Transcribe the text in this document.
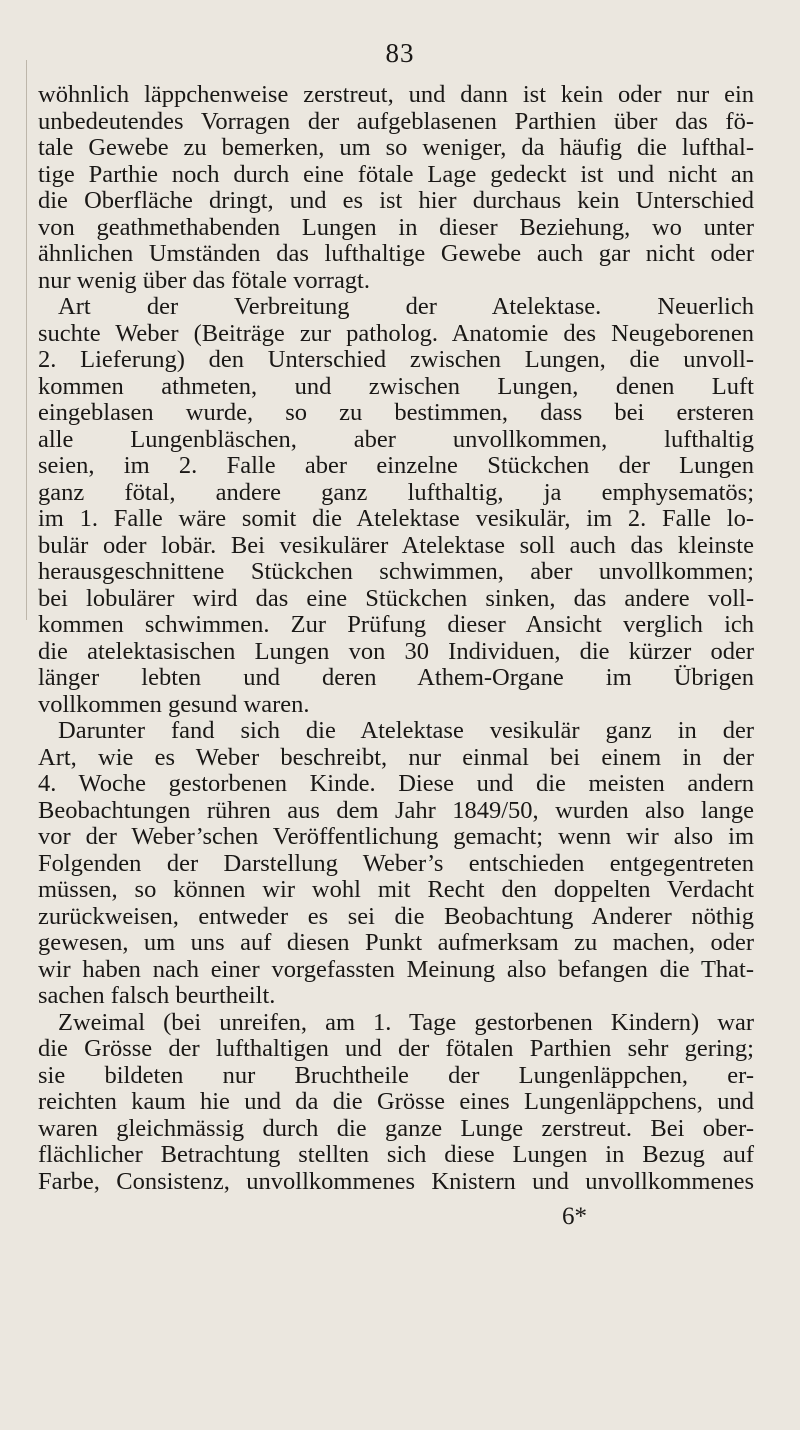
83
wöhnlich läppchenweise zerstreut, und dann ist kein oder nur ein
unbedeutendes Vorragen der aufgeblasenen Parthien über das fö-
tale Gewebe zu bemerken, um so weniger, da häufig die lufthal-
tige Parthie noch durch eine fötale Lage gedeckt ist und nicht an
die Oberfläche dringt, und es ist hier durchaus kein Unterschied
von geathmethabenden Lungen in dieser Beziehung, wo unter
ähnlichen Umständen das lufthaltige Gewebe auch gar nicht oder
nur wenig über das fötale vorragt.
Art der Verbreitung der Atelektase. Neuerlich
suchte Weber (Beiträge zur patholog. Anatomie des Neugeborenen
2. Lieferung) den Unterschied zwischen Lungen, die unvoll-
kommen athmeten, und zwischen Lungen, denen Luft
eingeblasen wurde, so zu bestimmen, dass bei ersteren
alle Lungenbläschen, aber unvollkommen, lufthaltig
seien, im 2. Falle aber einzelne Stückchen der Lungen
ganz fötal, andere ganz lufthaltig, ja emphysematös;
im 1. Falle wäre somit die Atelektase vesikulär, im 2. Falle lo-
bulär oder lobär. Bei vesikulärer Atelektase soll auch das kleinste
herausgeschnittene Stückchen schwimmen, aber unvollkommen;
bei lobulärer wird das eine Stückchen sinken, das andere voll-
kommen schwimmen. Zur Prüfung dieser Ansicht verglich ich
die atelektasischen Lungen von 30 Individuen, die kürzer oder
länger lebten und deren Athem-Organe im Übrigen
vollkommen gesund waren.
Darunter fand sich die Atelektase vesikulär ganz in der
Art, wie es Weber beschreibt, nur einmal bei einem in der
4. Woche gestorbenen Kinde. Diese und die meisten andern
Beobachtungen rühren aus dem Jahr 1849/50, wurden also lange
vor der Weber’schen Veröffentlichung gemacht; wenn wir also im
Folgenden der Darstellung Weber’s entschieden entgegentreten
müssen, so können wir wohl mit Recht den doppelten Verdacht
zurückweisen, entweder es sei die Beobachtung Anderer nöthig
gewesen, um uns auf diesen Punkt aufmerksam zu machen, oder
wir haben nach einer vorgefassten Meinung also befangen die That-
sachen falsch beurtheilt.
Zweimal (bei unreifen, am 1. Tage gestorbenen Kindern) war
die Grösse der lufthaltigen und der fötalen Parthien sehr gering;
sie bildeten nur Bruchtheile der Lungenläppchen, er-
reichten kaum hie und da die Grösse eines Lungenläppchens, und
waren gleichmässig durch die ganze Lunge zerstreut. Bei ober-
flächlicher Betrachtung stellten sich diese Lungen in Bezug auf
Farbe, Consistenz, unvollkommenes Knistern und unvollkommenes
6*
